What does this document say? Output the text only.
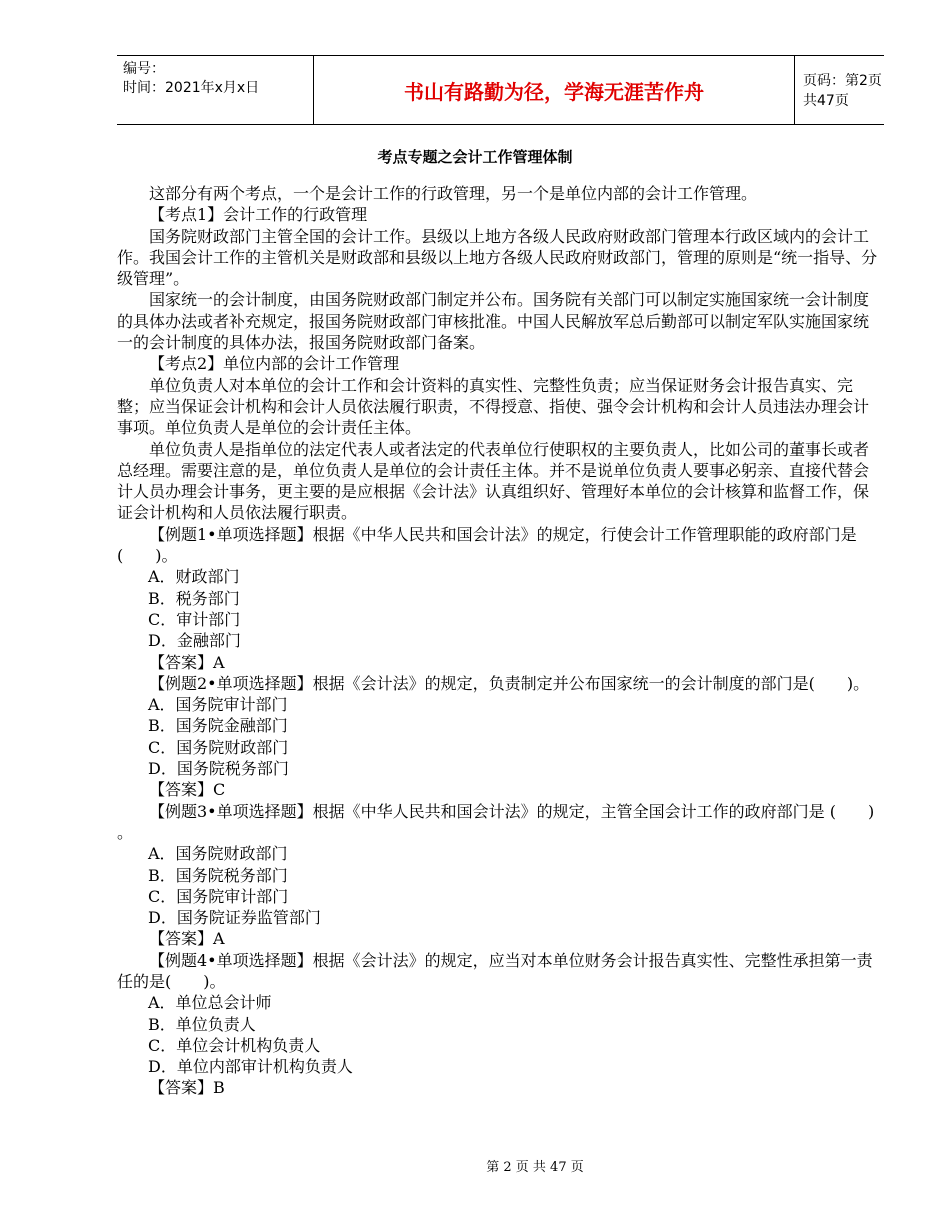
编号：
时间：2021年x月x日	书山有路勤为径，学海无涯苦作舟	页码：第2页 共47页
考点专题之会计工作管理体制

这部分有两个考点，一个是会计工作的行政管理，另一个是单位内部的会计工作管理。

【考点1】会计工作的行政管理

国务院财政部门主管全国的会计工作。县级以上地方各级人民政府财政部门管理本行政区域内的会计工作。我国会计工作的主管机关是财政部和县级以上地方各级人民政府财政部门，管理的原则是“统一指导、分级管理”。

国家统一的会计制度，由国务院财政部门制定并公布。国务院有关部门可以制定实施国家统一会计制度的具体办法或者补充规定，报国务院财政部门审核批准。中国人民解放军总后勤部可以制定军队实施国家统一的会计制度的具体办法，报国务院财政部门备案。

【考点2】单位内部的会计工作管理

单位负责人对本单位的会计工作和会计资料的真实性、完整性负责；应当保证财务会计报告真实、完整；应当保证会计机构和会计人员依法履行职责，不得授意、指使、强令会计机构和会计人员违法办理会计事项。单位负责人是单位的会计责任主体。

单位负责人是指单位的法定代表人或者法定的代表单位行使职权的主要负责人，比如公司的董事长或者总经理。需要注意的是，单位负责人是单位的会计责任主体。并不是说单位负责人要事必躬亲、直接代替会计人员办理会计事务，更主要的是应根据《会计法》认真组织好、管理好本单位的会计核算和监督工作，保证会计机构和人员依法履行职责。

【例题1•单项选择题】根据《中华人民共和国会计法》的规定，行使会计工作管理职能的政府部门是(　　)。

A．财政部门

B．税务部门

C．审计部门

D．金融部门

【答案】A

【例题2•单项选择题】根据《会计法》的规定，负责制定并公布国家统一的会计制度的部门是(　　)。

A．国务院审计部门

B．国务院金融部门

C．国务院财政部门

D．国务院税务部门

【答案】C

【例题3•单项选择题】根据《中华人民共和国会计法》的规定，主管全国会计工作的政府部门是 (　　) 。

A．国务院财政部门

B．国务院税务部门

C．国务院审计部门

D．国务院证券监管部门

【答案】A

【例题4•单项选择题】根据《会计法》的规定，应当对本单位财务会计报告真实性、完整性承担第一责任的是(　　)。

A．单位总会计师

B．单位负责人

C．单位会计机构负责人

D．单位内部审计机构负责人

【答案】B

第 2 页 共 47 页
